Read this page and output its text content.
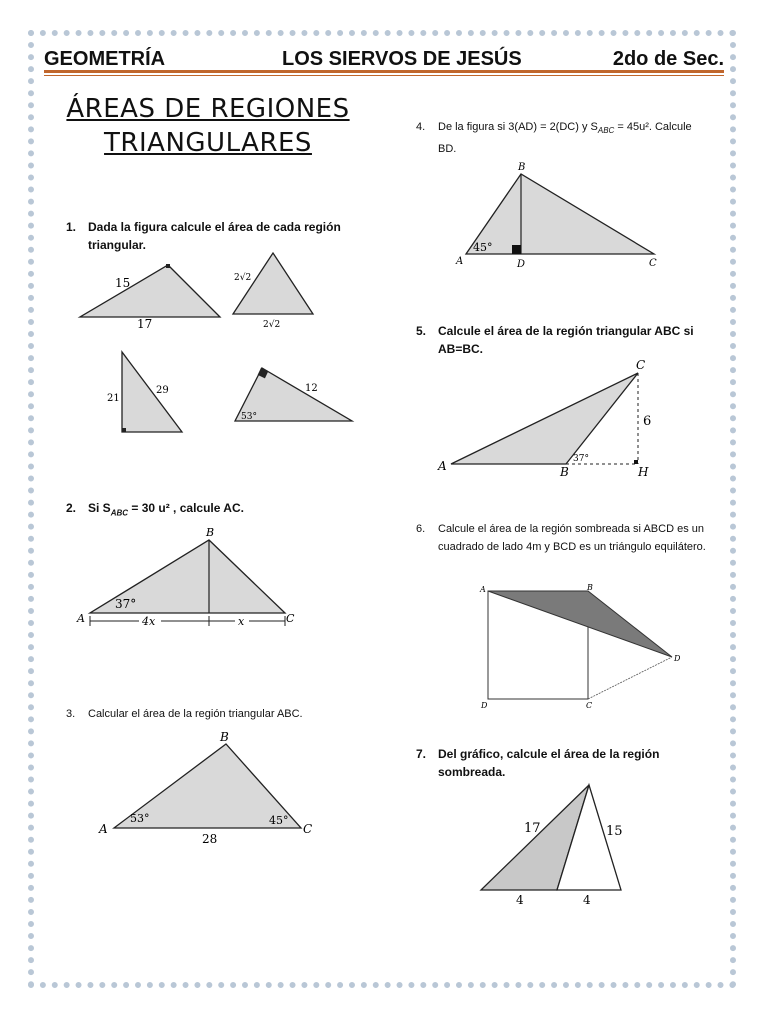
GEOMETRÍA	LOS SIERVOS DE JESÚS	2do de Sec.
ÁREAS DE REGIONES
TRIANGULARES
1. Dada la figura calcule el área de cada región
triangular.
15
17
2√2
2√2
21
29	12
53°
2. Si $S_{ABC} = 30$ u² , calcule AC.
B
A	C
37°
4x	x
3. Calcular el área de la región triangular ABC.
B
A	C
53°	45°
28
4. De la figura si 3(AD) = 2(DC) y $S_{ABC} = 45u^2$. Calcule
BD.
B
A	D	C
45°
5. Calcule el área de la región triangular ABC si
AB=BC.
C
A	B	H
6
37°
6. Calcule el área de la región sombreada si ABCD es un
cuadrado de lado 4m y BCD es un triángulo equilátero.
A	B
D	C
D
7. Del gráfico, calcule el área de la región sombreada.
17	15
4	4
